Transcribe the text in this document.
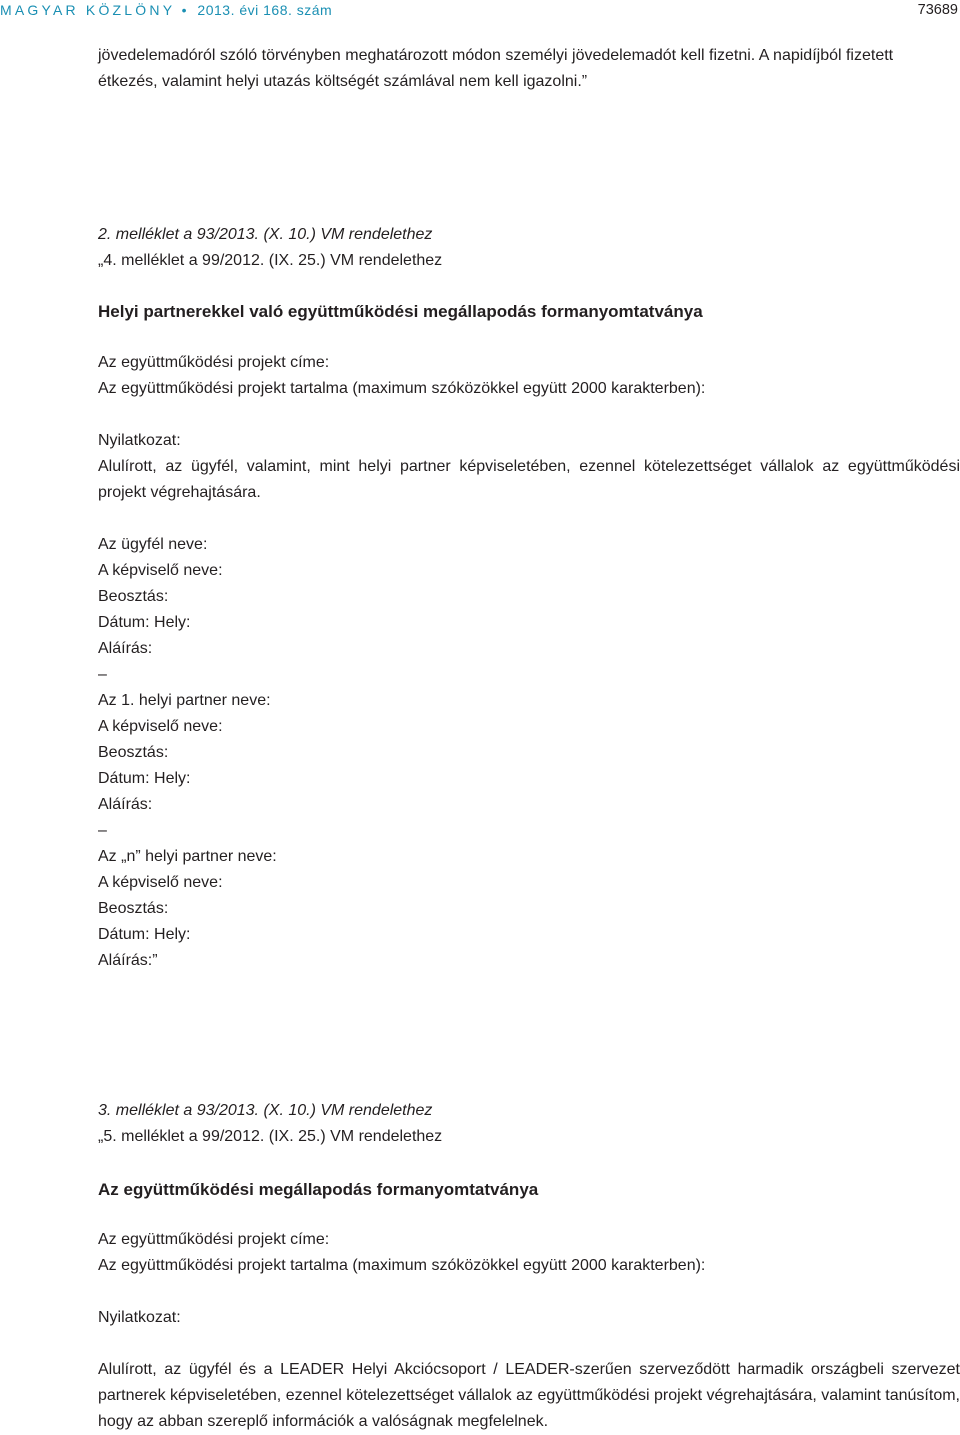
MAGYAR KÖZLÖNY • 2013. évi 168. szám	73689
jövedelemadóról szóló törvényben meghatározott módon személyi jövedelemadót kell fizetni. A napidíjból fizetett
étkezés, valamint helyi utazás költségét számlával nem kell igazolni.”
2. melléklet a 93/2013. (X. 10.) VM rendelethez
„4. melléklet a 99/2012. (IX. 25.) VM rendelethez
Helyi partnerekkel való együttműködési megállapodás formanyomtatványa
Az együttműködési projekt címe:
Az együttműködési projekt tartalma (maximum szóközökkel együtt 2000 karakterben):
Nyilatkozat:
Alulírott, az ügyfél, valamint, mint helyi partner képviseletében, ezennel kötelezettséget vállalok az együttműködési projekt végrehajtására.
Az ügyfél neve:
A képviselő neve:
Beosztás:
Dátum: Hely:
Aláírás:
–
Az 1. helyi partner neve:
A képviselő neve:
Beosztás:
Dátum: Hely:
Aláírás:
–
Az „n” helyi partner neve:
A képviselő neve:
Beosztás:
Dátum: Hely:
Aláírás:”
3. melléklet a 93/2013. (X. 10.) VM rendelethez
„5. melléklet a 99/2012. (IX. 25.) VM rendelethez
Az együttműködési megállapodás formanyomtatványa
Az együttműködési projekt címe:
Az együttműködési projekt tartalma (maximum szóközökkel együtt 2000 karakterben):
Nyilatkozat:
Alulírott, az ügyfél és a LEADER Helyi Akciócsoport / LEADER-szerűen szerveződött harmadik országbeli szervezet partnerek képviseletében, ezennel kötelezettséget vállalok az együttműködési projekt végrehajtására, valamint tanúsítom, hogy az abban szereplő információk a valóságnak megfelelnek.
